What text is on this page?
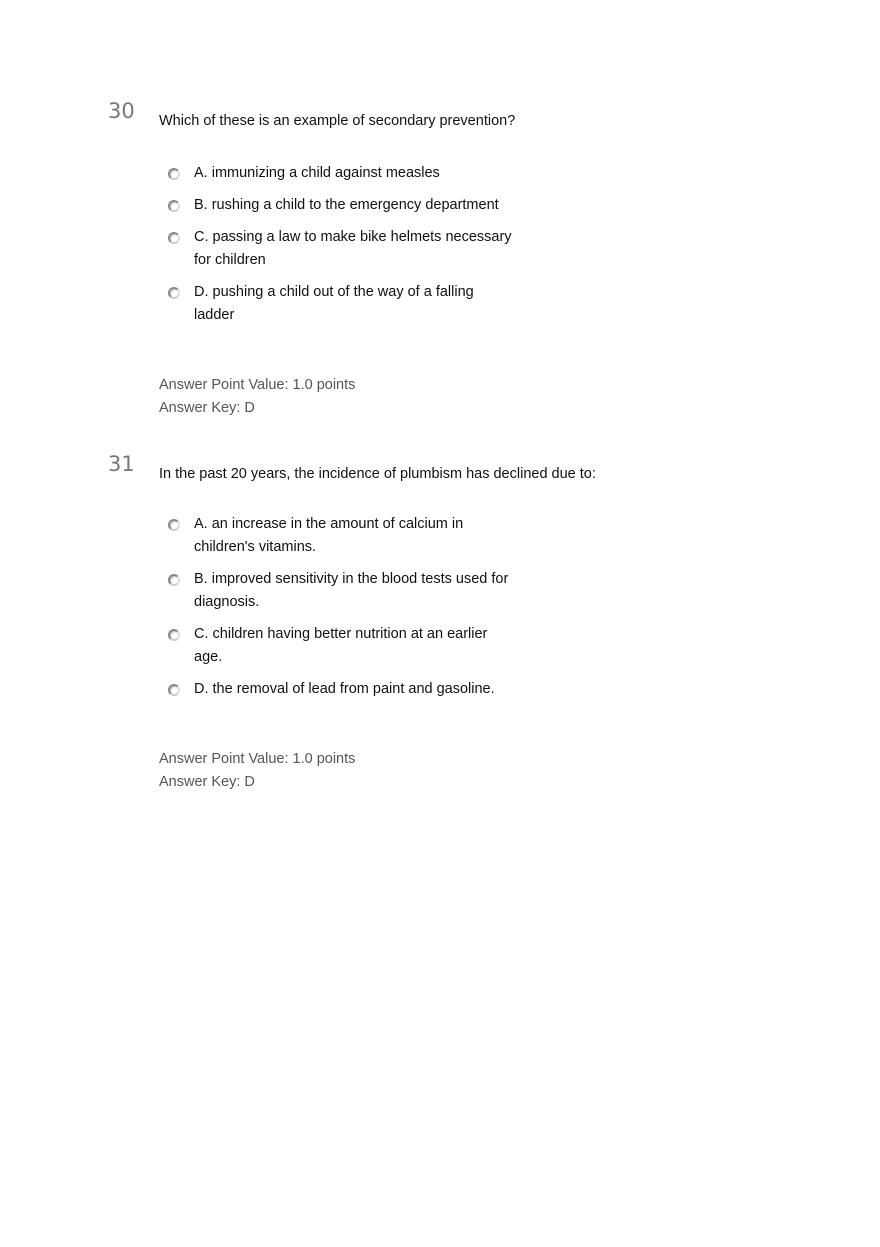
30 Which of these is an example of secondary prevention?
A. immunizing a child against measles
B. rushing a child to the emergency department
C. passing a law to make bike helmets necessary for children
D. pushing a child out of the way of a falling ladder
Answer Point Value: 1.0 points
Answer Key: D
31 In the past 20 years, the incidence of plumbism has declined due to:
A. an increase in the amount of calcium in children's vitamins.
B. improved sensitivity in the blood tests used for diagnosis.
C. children having better nutrition at an earlier age.
D. the removal of lead from paint and gasoline.
Answer Point Value: 1.0 points
Answer Key: D
